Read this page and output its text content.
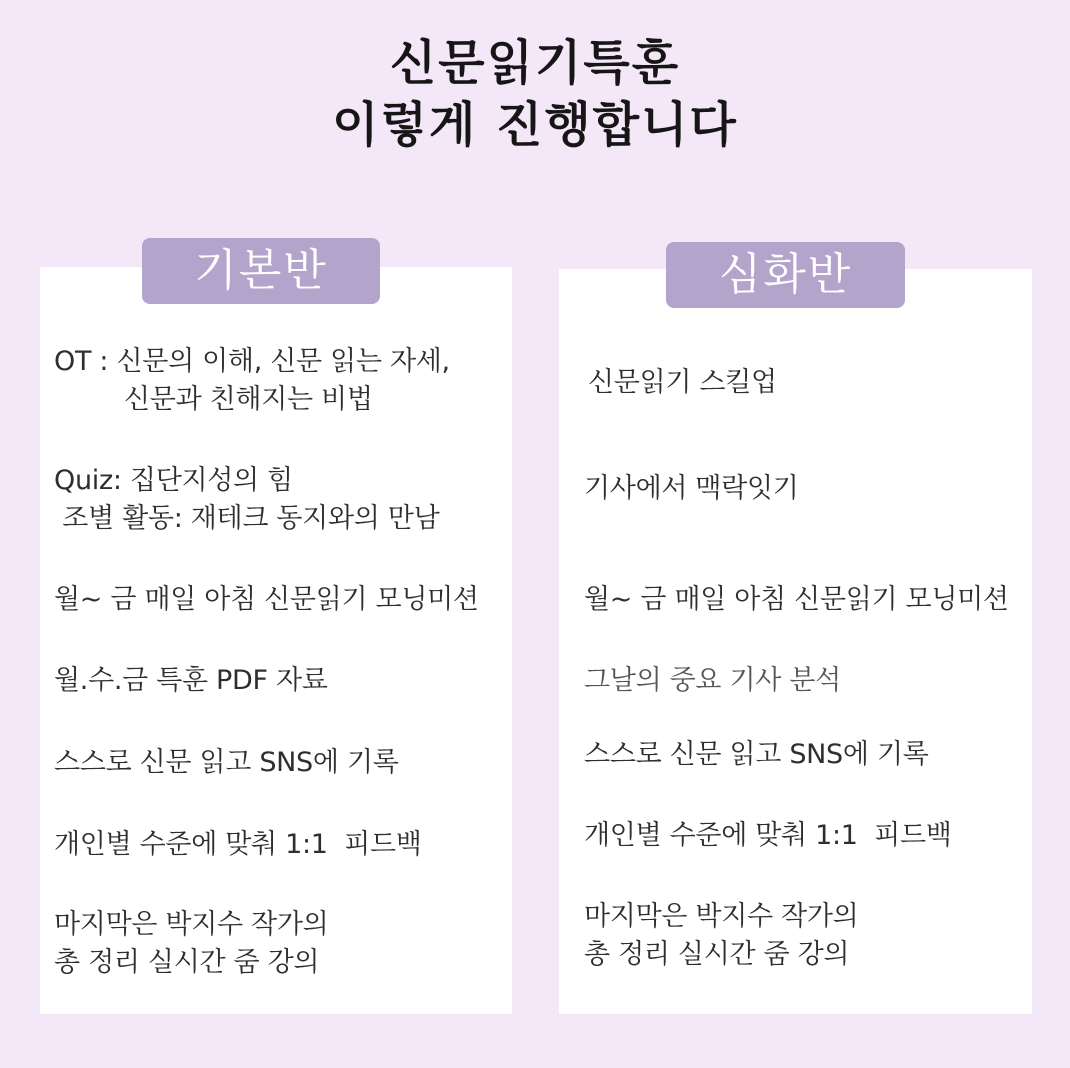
신문읽기특훈
이렇게 진행합니다
기본반
OT : 신문의 이해, 신문 읽는 자세,
신문과 친해지는 비법
Quiz: 집단지성의 힘
조별 활동: 재테크 동지와의 만남
월~ 금 매일 아침 신문읽기 모닝미션
월.수.금 특훈 PDF 자료
스스로 신문 읽고 SNS에 기록
개인별 수준에 맞춰 1:1  피드백
마지막은 박지수 작가의
총 정리 실시간 줌 강의
심화반
신문읽기 스킬업
기사에서 맥락잇기
월~ 금 매일 아침 신문읽기 모닝미션
그날의 중요 기사 분석
스스로 신문 읽고 SNS에 기록
개인별 수준에 맞춰 1:1  피드백
마지막은 박지수 작가의
총 정리 실시간 줌 강의
